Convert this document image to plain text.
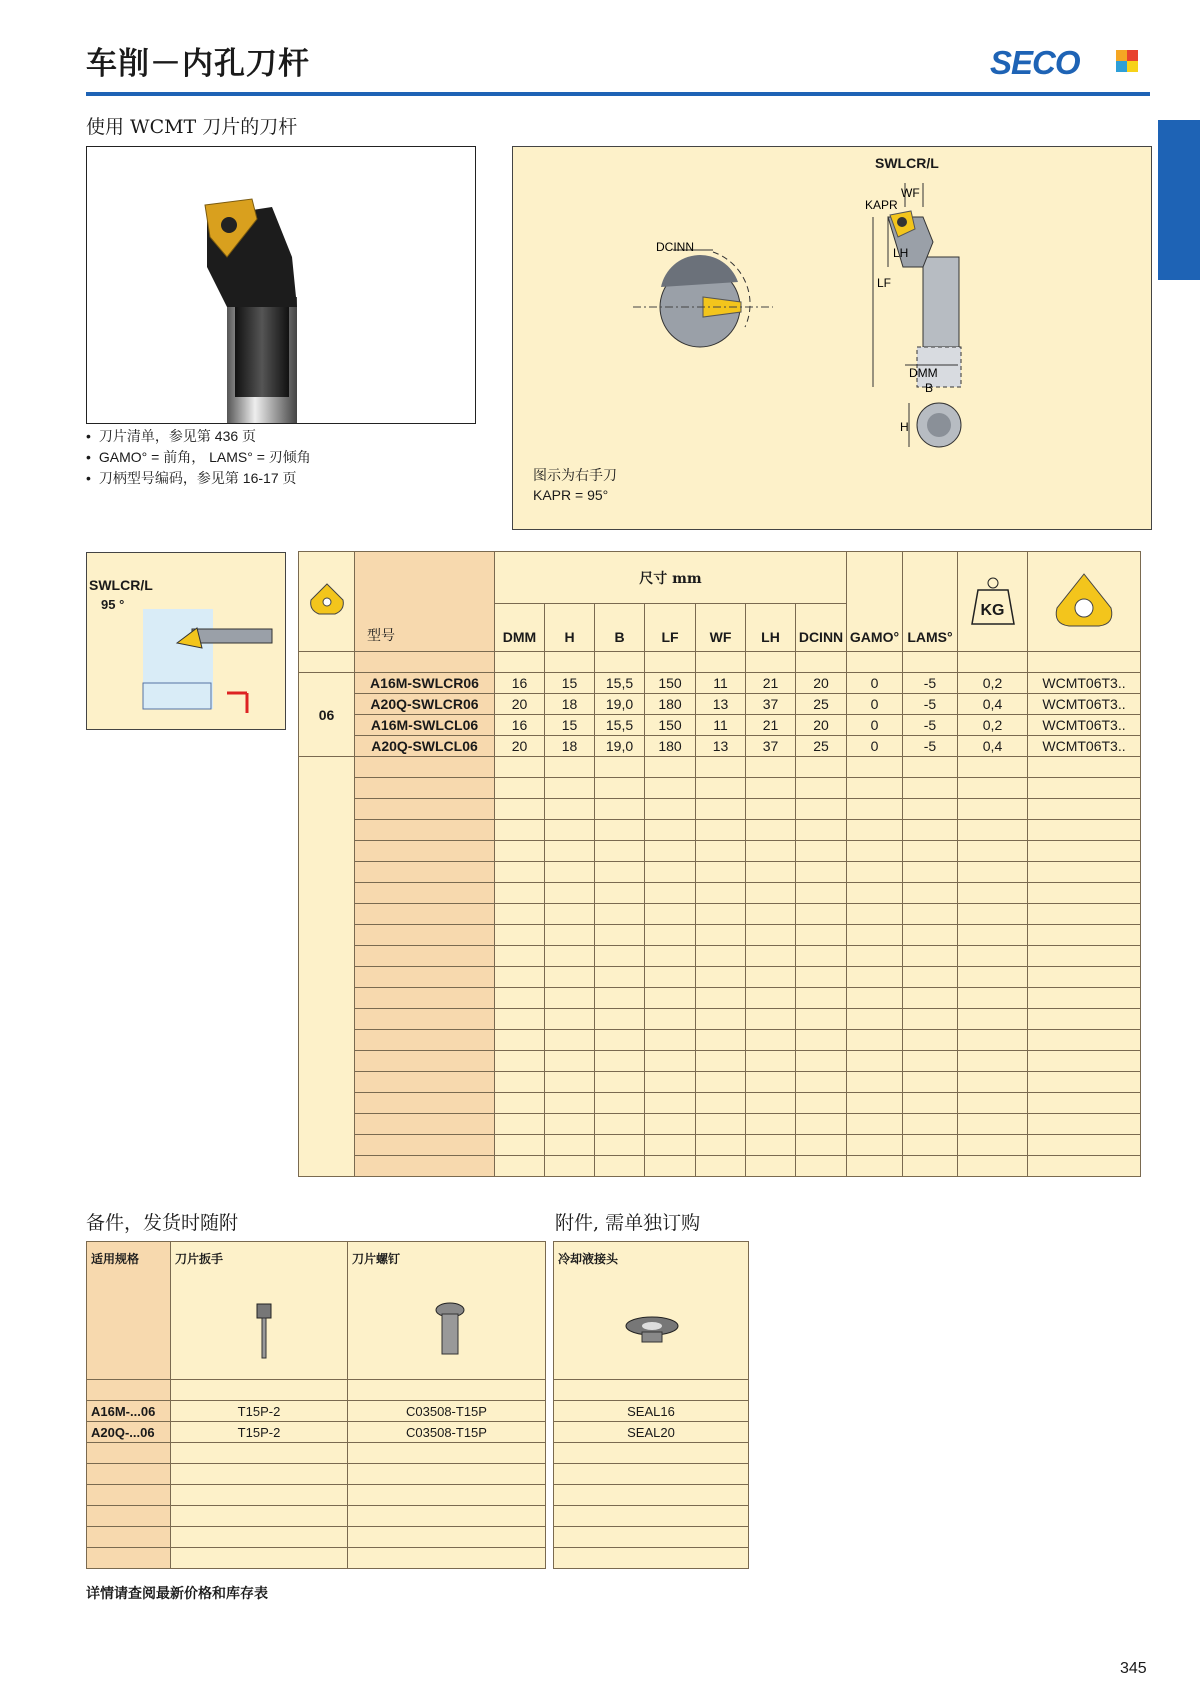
车削－内孔刀杆	SECO
使用 WCMT 刀片的刀杆
• 刀片清单，参见第 436 页
• GAMO° = 前角， LAMS° = 刃倾角
• 刀柄型号编码，参见第 16-17 页
SWLCR/L
DCINN
WF
KAPR
LH
LF
DMM
B
H
图示为右手刀
KAPR = 95°
SWLCR/L
95 °
	型号	尺寸 mm							GAMO°	LAMS°	KG

		DMM	H	B	LF	WF	LH	DCINN				

06	A16M-SWLCR06	16	15	15,5	150	11	21	20	0	-5	0,2	WCMT06T3..
	A20Q-SWLCR06	20	18	19,0	180	13	37	25	0	-5	0,4	WCMT06T3..
	A16M-SWLCL06	16	15	15,5	150	11	21	20	0	-5	0,2	WCMT06T3..
	A20Q-SWLCL06	20	18	19,0	180	13	37	25	0	-5	0,4	WCMT06T3..

备件，发货时随附	附件, 需单独订购
适用规格	刀片扳手	刀片螺钉

A16M-...06	T15P-2	C03508-T15P
A20Q-...06	T15P-2	C03508-T15P

冷却液接头

SEAL16
SEAL20

详情请查阅最新价格和库存表
345
